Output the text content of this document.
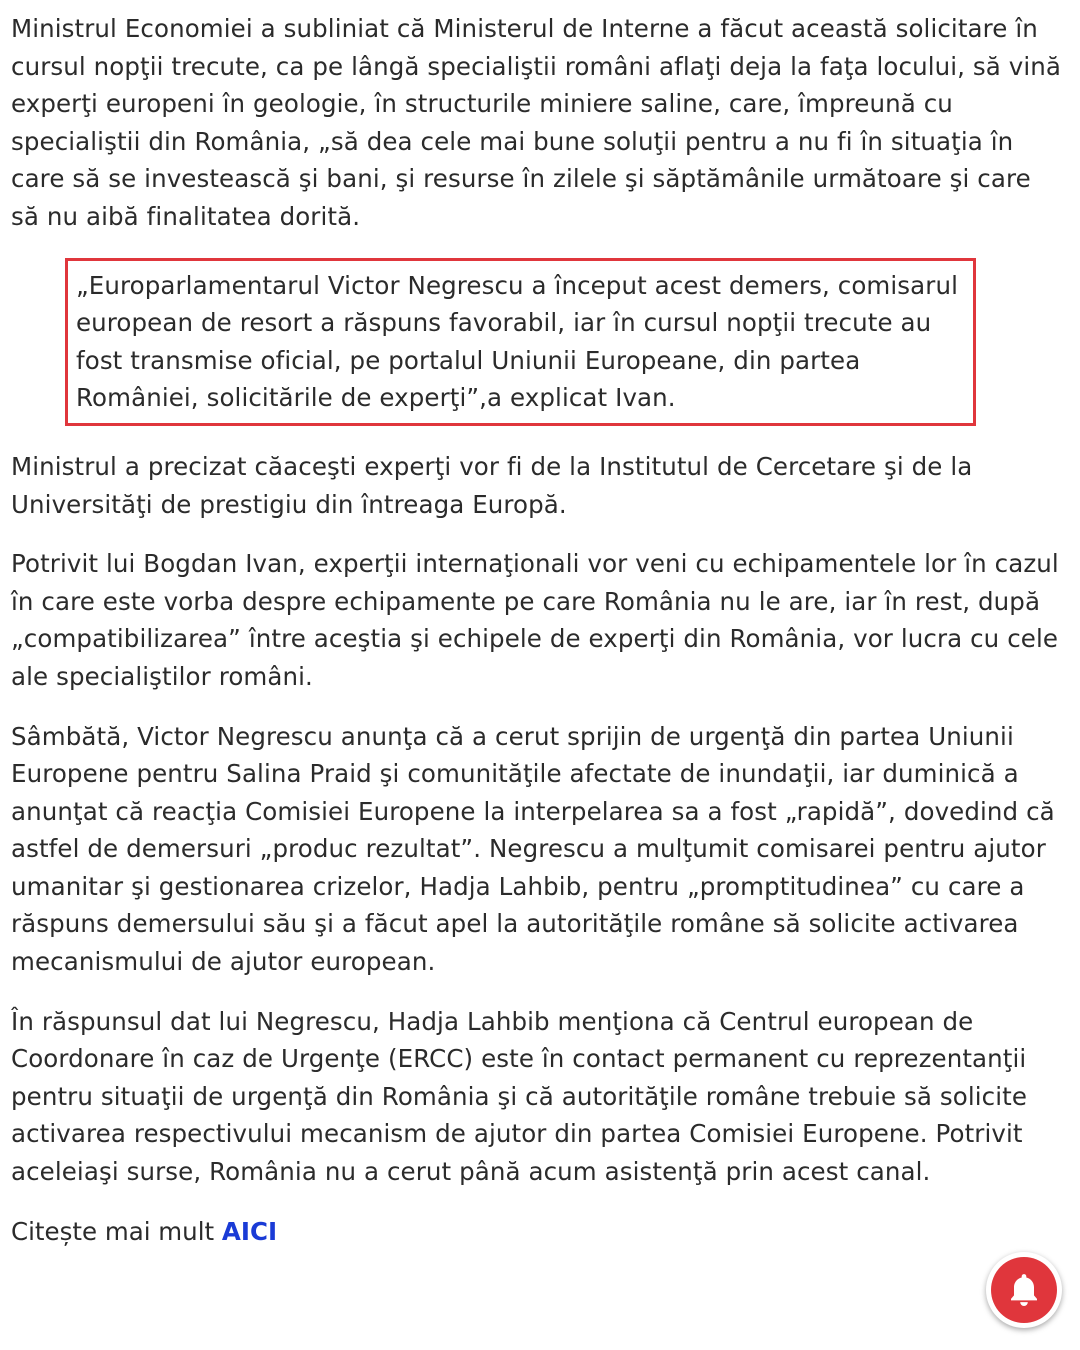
Ministrul Economiei a subliniat că Ministerul de Interne a făcut această solicitare în cursul nopţii trecute, ca pe lângă specialiştii români aflaţi deja la faţa locului, să vină experţi europeni în geologie, în structurile miniere saline, care, împreună cu specialiştii din România, „să dea cele mai bune soluţii pentru a nu fi în situaţia în care să se investească şi bani, şi resurse în zilele şi săptămânile următoare şi care să nu aibă finalitatea dorită.

„Europarlamentarul Victor Negrescu a început acest demers, comisarul european de resort a răspuns favorabil, iar în cursul nopţii trecute au fost transmise oficial, pe portalul Uniunii Europeane, din partea României, solicitările de experţi”,a explicat Ivan.

Ministrul a precizat căaceşti experţi vor fi de la Institutul de Cercetare şi de la Universităţi de prestigiu din întreaga Europă.

Potrivit lui Bogdan Ivan, experţii internaţionali vor veni cu echipamentele lor în cazul în care este vorba despre echipamente pe care România nu le are, iar în rest, după „compatibilizarea” între aceştia şi echipele de experţi din România, vor lucra cu cele ale specialiştilor români.

Sâmbătă, Victor Negrescu anunţa că a cerut sprijin de urgenţă din partea Uniunii Europene pentru Salina Praid şi comunităţile afectate de inundaţii, iar duminică a anunţat că reacţia Comisiei Europene la interpelarea sa a fost „rapidă”, dovedind că astfel de demersuri „produc rezultat”. Negrescu a mulţumit comisarei pentru ajutor umanitar şi gestionarea crizelor, Hadja Lahbib, pentru „promptitudinea” cu care a răspuns demersului său şi a făcut apel la autorităţile române să solicite activarea mecanismului de ajutor european.

În răspunsul dat lui Negrescu, Hadja Lahbib menţiona că Centrul european de Coordonare în caz de Urgenţe (ERCC) este în contact permanent cu reprezentanţii pentru situaţii de urgenţă din România şi că autorităţile române trebuie să solicite activarea respectivului mecanism de ajutor din partea Comisiei Europene. Potrivit aceleiaşi surse, România nu a cerut până acum asistenţă prin acest canal.

Citește mai mult AICI
